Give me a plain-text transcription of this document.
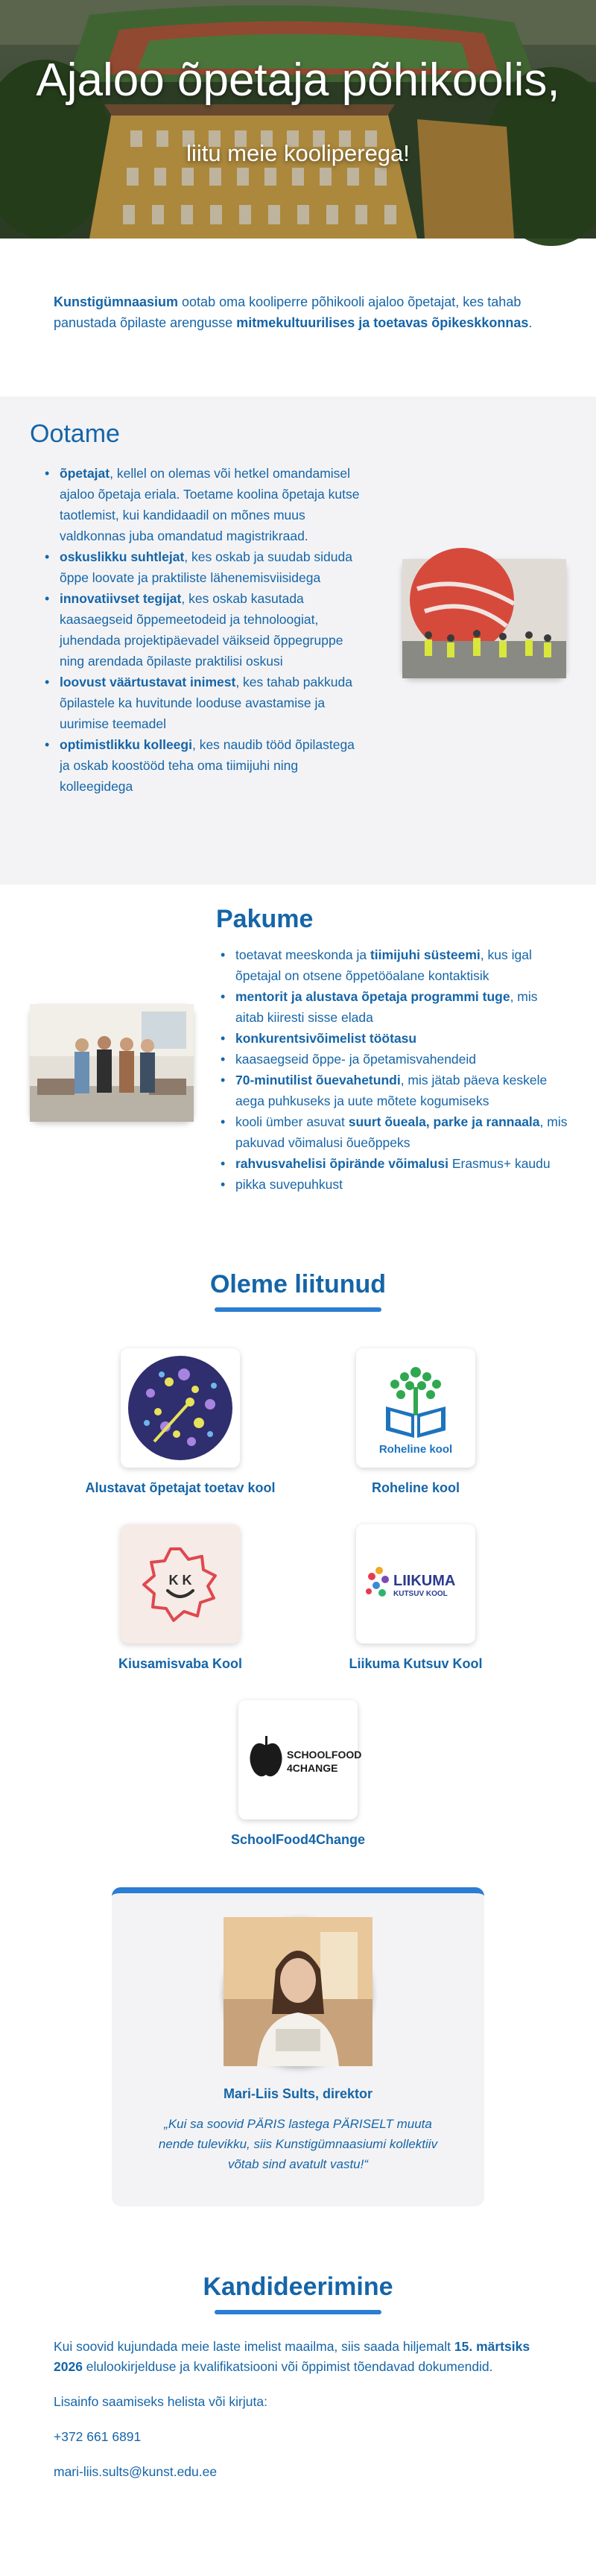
Ajaloo õpetaja põhikoolis,
liitu meie kooliperega!

Kunstigümnaasium ootab oma kooliperre põhikooli ajaloo õpetajat, kes tahab panustada õpilaste arengusse mitmekultuurilises ja toetavas õpikeskkonnas.

Ootame
• õpetajat, kellel on olemas või hetkel omandamisel ajaloo õpetaja eriala. Toetame koolina õpetaja kutse taotlemist, kui kandidaadil on mõnes muus valdkonnas juba omandatud magistrikraad.
• oskuslikku suhtlejat, kes oskab ja suudab siduda õppe loovate ja praktiliste lähenemisviisidega
• innovatiivset tegijat, kes oskab kasutada kaasaegseid õppemeetodeid ja tehnoloogiat, juhendada projektipäevadel väikseid õppegruppe ning arendada õpilaste praktilisi oskusi
• loovust väärtustavat inimest, kes tahab pakkuda õpilastele ka huvitunde looduse avastamise ja uurimise teemadel
• optimistlikku kolleegi, kes naudib tööd õpilastega ja oskab koostööd teha oma tiimijuhi ning kolleegidega
Pakume
• toetavat meeskonda ja tiimijuhi süsteemi, kus igal õpetajal on otsene õppetööalane kontaktisik
• mentorit ja alustava õpetaja programmi tuge, mis aitab kiiresti sisse elada
• konkurentsivõimelist töötasu
• kaasaegseid õppe- ja õpetamisvahendeid
• 70-minutilist õuevahetundi, mis jätab päeva keskele aega puhkuseks ja uute mõtete kogumiseks
• kooli ümber asuvat suurt õueala, parke ja rannaala, mis pakuvad võimalusi õueõppeks
• rahvusvahelisi õpirände võimalusi Erasmus+ kaudu
• pikka suvepuhkust
Oleme liitunud
Alustavat õpetajat toetav kool
Roheline kool
Roheline kool
K K
Kiusamisvaba Kool
LIIKUMA
KUTSUV KOOL
Liikuma Kutsuv Kool
SCHOOLFOOD
4CHANGE
SchoolFood4Change
Mari-Liis Sults, direktor

„Kui sa soovid PÄRIS lastega PÄRISELT muuta nende tulevikku, siis Kunstigümnaasiumi kollektiiv võtab sind avatult vastu!“

Kandideerimine

Kui soovid kujundada meie laste imelist maailma, siis saada hiljemalt 15. märtsiks 2026 elulookirjelduse ja kvalifikatsiooni või õppimist tõendavad dokumendid.

Lisainfo saamiseks helista või kirjuta:

+372 661 6891

mari-liis.sults@kunst.edu.ee
